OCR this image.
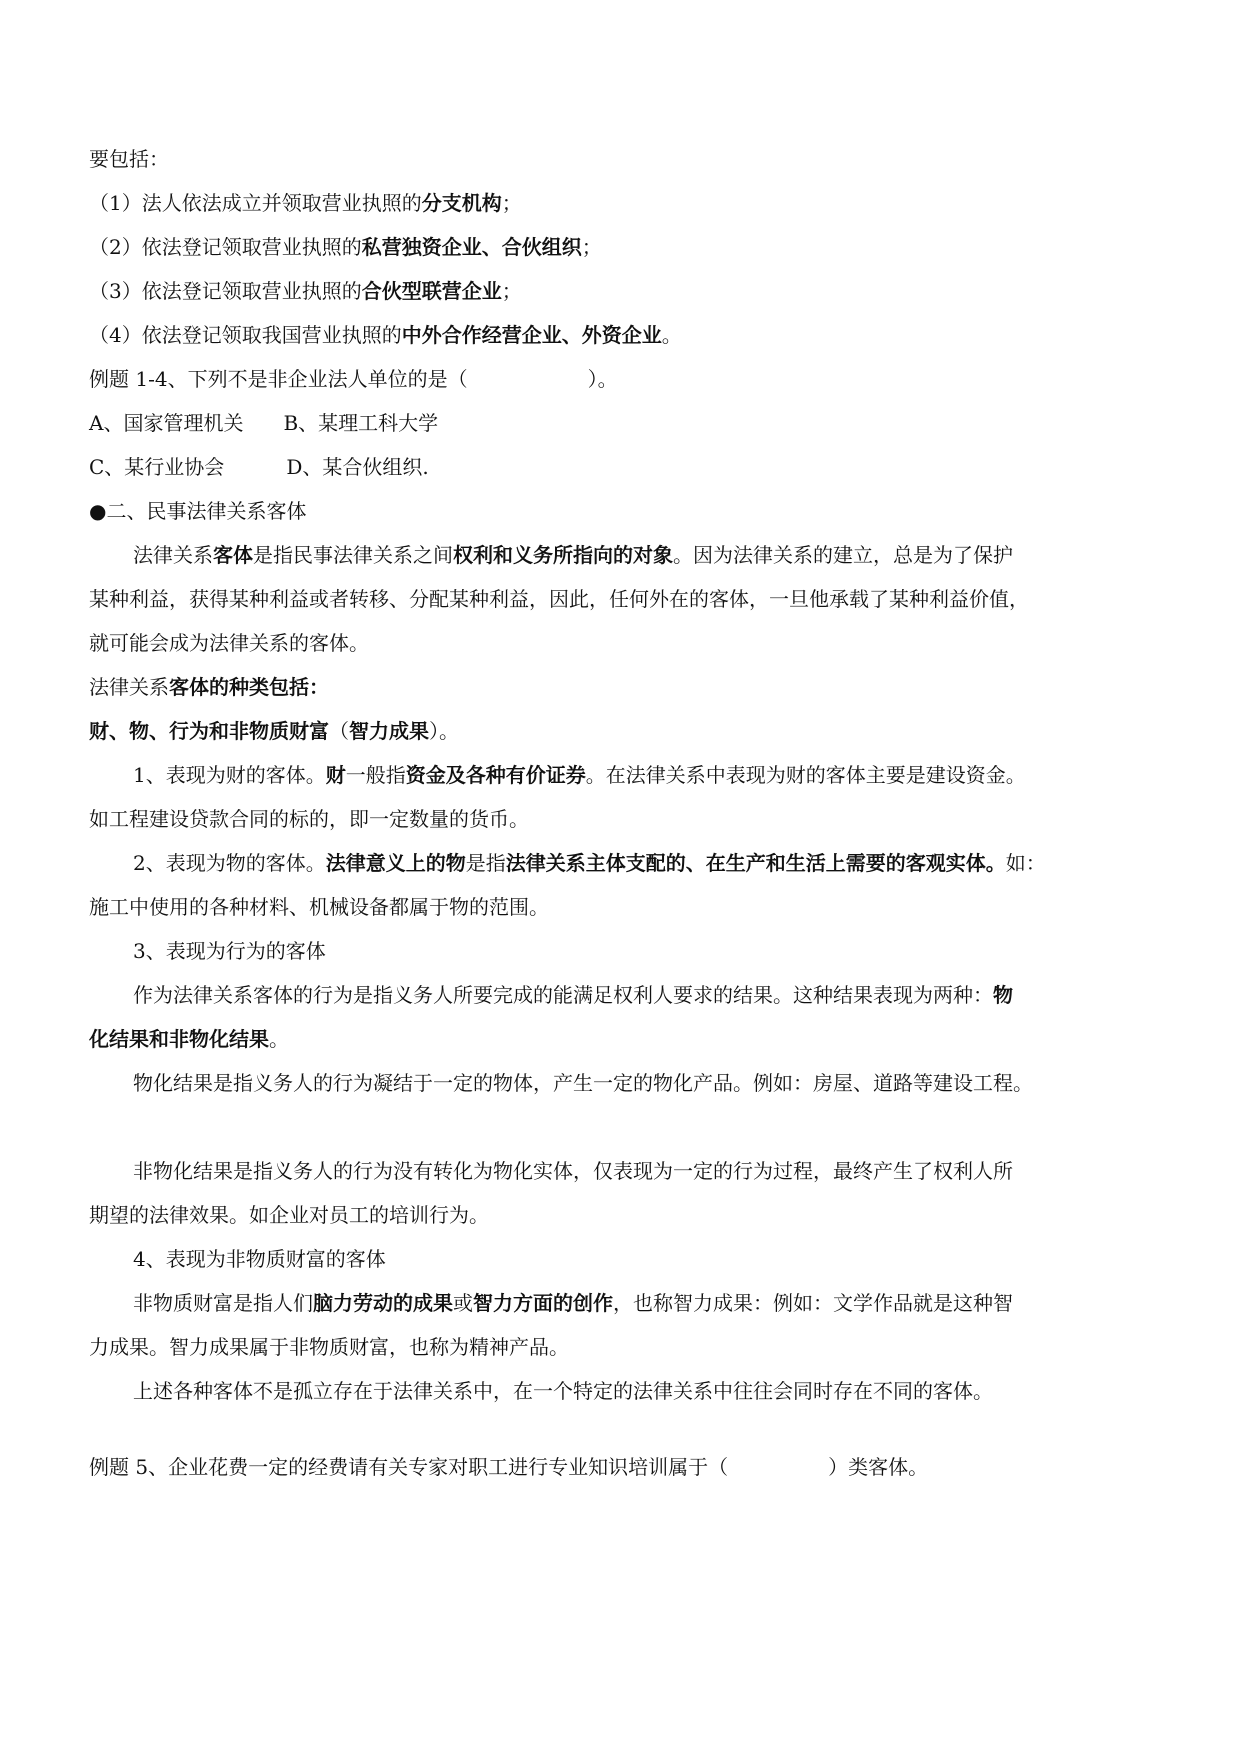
要包括：
（1）法人依法成立并领取营业执照的分支机构；
（2）依法登记领取营业执照的私营独资企业、合伙组织；
（3）依法登记领取营业执照的合伙型联营企业；
（4）依法登记领取我国营业执照的中外合作经营企业、外资企业。
例题 1-4、下列不是非企业法人单位的是（	）。
A、国家管理机关 B、某理工科大学
C、某行业协会	D、某合伙组织.
●二、民事法律关系客体
法律关系客体是指民事法律关系之间权利和义务所指向的对象。因为法律关系的建立，总是为了保护
某种利益，获得某种利益或者转移、分配某种利益，因此，任何外在的客体，一旦他承载了某种利益价值，
就可能会成为法律关系的客体。
法律关系客体的种类包括：
财、物、行为和非物质财富（智力成果）。
1、表现为财的客体。财一般指资金及各种有价证券。在法律关系中表现为财的客体主要是建设资金。
如工程建设贷款合同的标的，即一定数量的货币。
2、表现为物的客体。法律意义上的物是指法律关系主体支配的、在生产和生活上需要的客观实体。如：
施工中使用的各种材料、机械设备都属于物的范围。
3、表现为行为的客体
作为法律关系客体的行为是指义务人所要完成的能满足权利人要求的结果。这种结果表现为两种：物
化结果和非物化结果。
物化结果是指义务人的行为凝结于一定的物体，产生一定的物化产品。例如：房屋、道路等建设工程。
非物化结果是指义务人的行为没有转化为物化实体，仅表现为一定的行为过程，最终产生了权利人所
期望的法律效果。如企业对员工的培训行为。
4、表现为非物质财富的客体
非物质财富是指人们脑力劳动的成果或智力方面的创作，也称智力成果：例如：文学作品就是这种智
力成果。智力成果属于非物质财富，也称为精神产品。
上述各种客体不是孤立存在于法律关系中，在一个特定的法律关系中往往会同时存在不同的客体。
例题 5、企业花费一定的经费请有关专家对职工进行专业知识培训属于（	）类客体。
